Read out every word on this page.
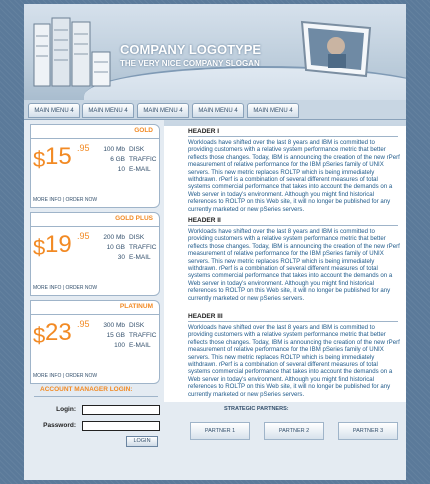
COMPANY LOGOTYPE
THE VERY NICE COMPANY SLOGAN
MAIN MENU 4	MAIN MENU 4	MAIN MENU 4	MAIN MENU 4	MAIN MENU 4
GOLD
$ 15 .95	100 Mb DISK
6 GB TRAFFIC
10 E-MAIL
MORE INFO | ORDER NOW
GOLD PLUS
$ 19 .95	200 Mb DISK
10 GB TRAFFIC
30 E-MAIL
MORE INFO | ORDER NOW
PLATINUM
$ 23 .95	300 Mb DISK
15 GB TRAFFIC
100 E-MAIL
MORE INFO | ORDER NOW
ACCOUNT MANAGER LOGIN:
Login:
Password:
LOGIN
HEADER I
Workloads have shifted over the last 8 years and IBM is committed to providing customers with a relative system performance metric that better reflects those changes. Today, IBM is announcing the creation of the new rPerf measurement of relative performance for the IBM pSeries family of UNIX servers. This new metric replaces ROLTP which is being immediately withdrawn. rPerf is a combination of several different measures of total systems commercial performance that takes into account the demands on a Web server in today's environment. Although you might find historical references to ROLTP on this Web site, it will no longer be published for any currently marketed or new pSeries servers.
HEADER II
Workloads have shifted over the last 8 years and IBM is committed to providing customers with a relative system performance metric that better reflects those changes. Today, IBM is announcing the creation of the new rPerf measurement of relative performance for the IBM pSeries family of UNIX servers. This new metric replaces ROLTP which is being immediately withdrawn. rPerf is a combination of several different measures of total systems commercial performance that takes into account the demands on a Web server in today's environment. Although you might find historical references to ROLTP on this Web site, it will no longer be published for any currently marketed or new pSeries servers.
HEADER III
Workloads have shifted over the last 8 years and IBM is committed to providing customers with a relative system performance metric that better reflects those changes. Today, IBM is announcing the creation of the new rPerf measurement of relative performance for the IBM pSeries family of UNIX servers. This new metric replaces ROLTP which is being immediately withdrawn. rPerf is a combination of several different measures of total systems commercial performance that takes into account the demands on a Web server in today's environment. Although you might find historical references to ROLTP on this Web site, it will no longer be published for any currently marketed or new pSeries servers.
STRATEGIC PARTNERS:
PARTNER 1	PARTNER 2	PARTNER 3
